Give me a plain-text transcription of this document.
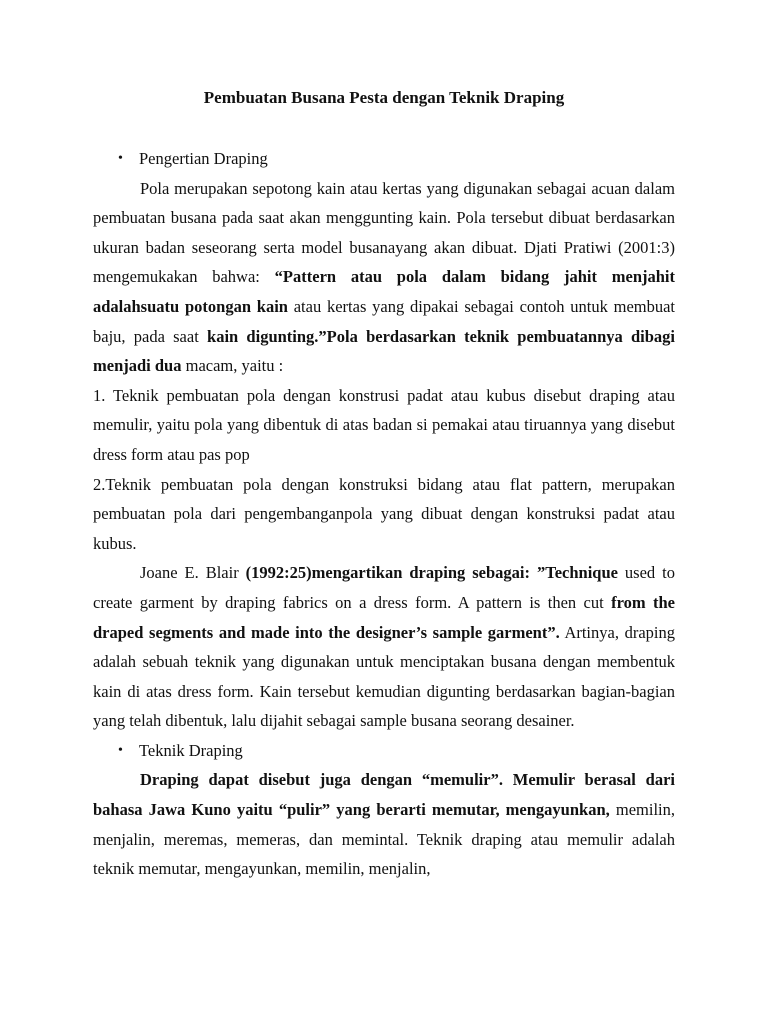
Pembuatan Busana Pesta dengan Teknik Draping

• Pengertian Draping

Pola merupakan sepotong kain atau kertas yang digunakan sebagai acuan dalam pembuatan busana pada saat akan menggunting kain. Pola tersebut dibuat berdasarkan ukuran badan seseorang serta model busanayang akan dibuat. Djati Pratiwi (2001:3) mengemukakan bahwa: “Pattern atau pola dalam bidang jahit menjahit adalahsuatu potongan kain atau kertas yang dipakai sebagai contoh untuk membuat baju, pada saat kain digunting.”Pola berdasarkan teknik pembuatannya dibagi menjadi dua macam, yaitu :

1. Teknik pembuatan pola dengan konstrusi padat atau kubus disebut draping atau memulir, yaitu pola yang dibentuk di atas badan si pemakai atau tiruannya yang disebut dress form atau pas pop

2.Teknik pembuatan pola dengan konstruksi bidang atau flat pattern, merupakan pembuatan pola dari pengembanganpola yang dibuat dengan konstruksi padat atau kubus.

Joane E. Blair (1992:25)mengartikan draping sebagai: ”Technique used to create garment by draping fabrics on a dress form. A pattern is then cut from the draped segments and made into the designer’s sample garment”. Artinya, draping adalah sebuah teknik yang digunakan untuk menciptakan busana dengan membentuk kain di atas dress form. Kain tersebut kemudian digunting berdasarkan bagian-bagian yang telah dibentuk, lalu dijahit sebagai sample busana seorang desainer.

• Teknik Draping

Draping dapat disebut juga dengan “memulir”. Memulir berasal dari bahasa Jawa Kuno yaitu “pulir” yang berarti memutar, mengayunkan, memilin, menjalin, meremas, memeras, dan memintal. Teknik draping atau memulir adalah teknik memutar, mengayunkan, memilin, menjalin,
